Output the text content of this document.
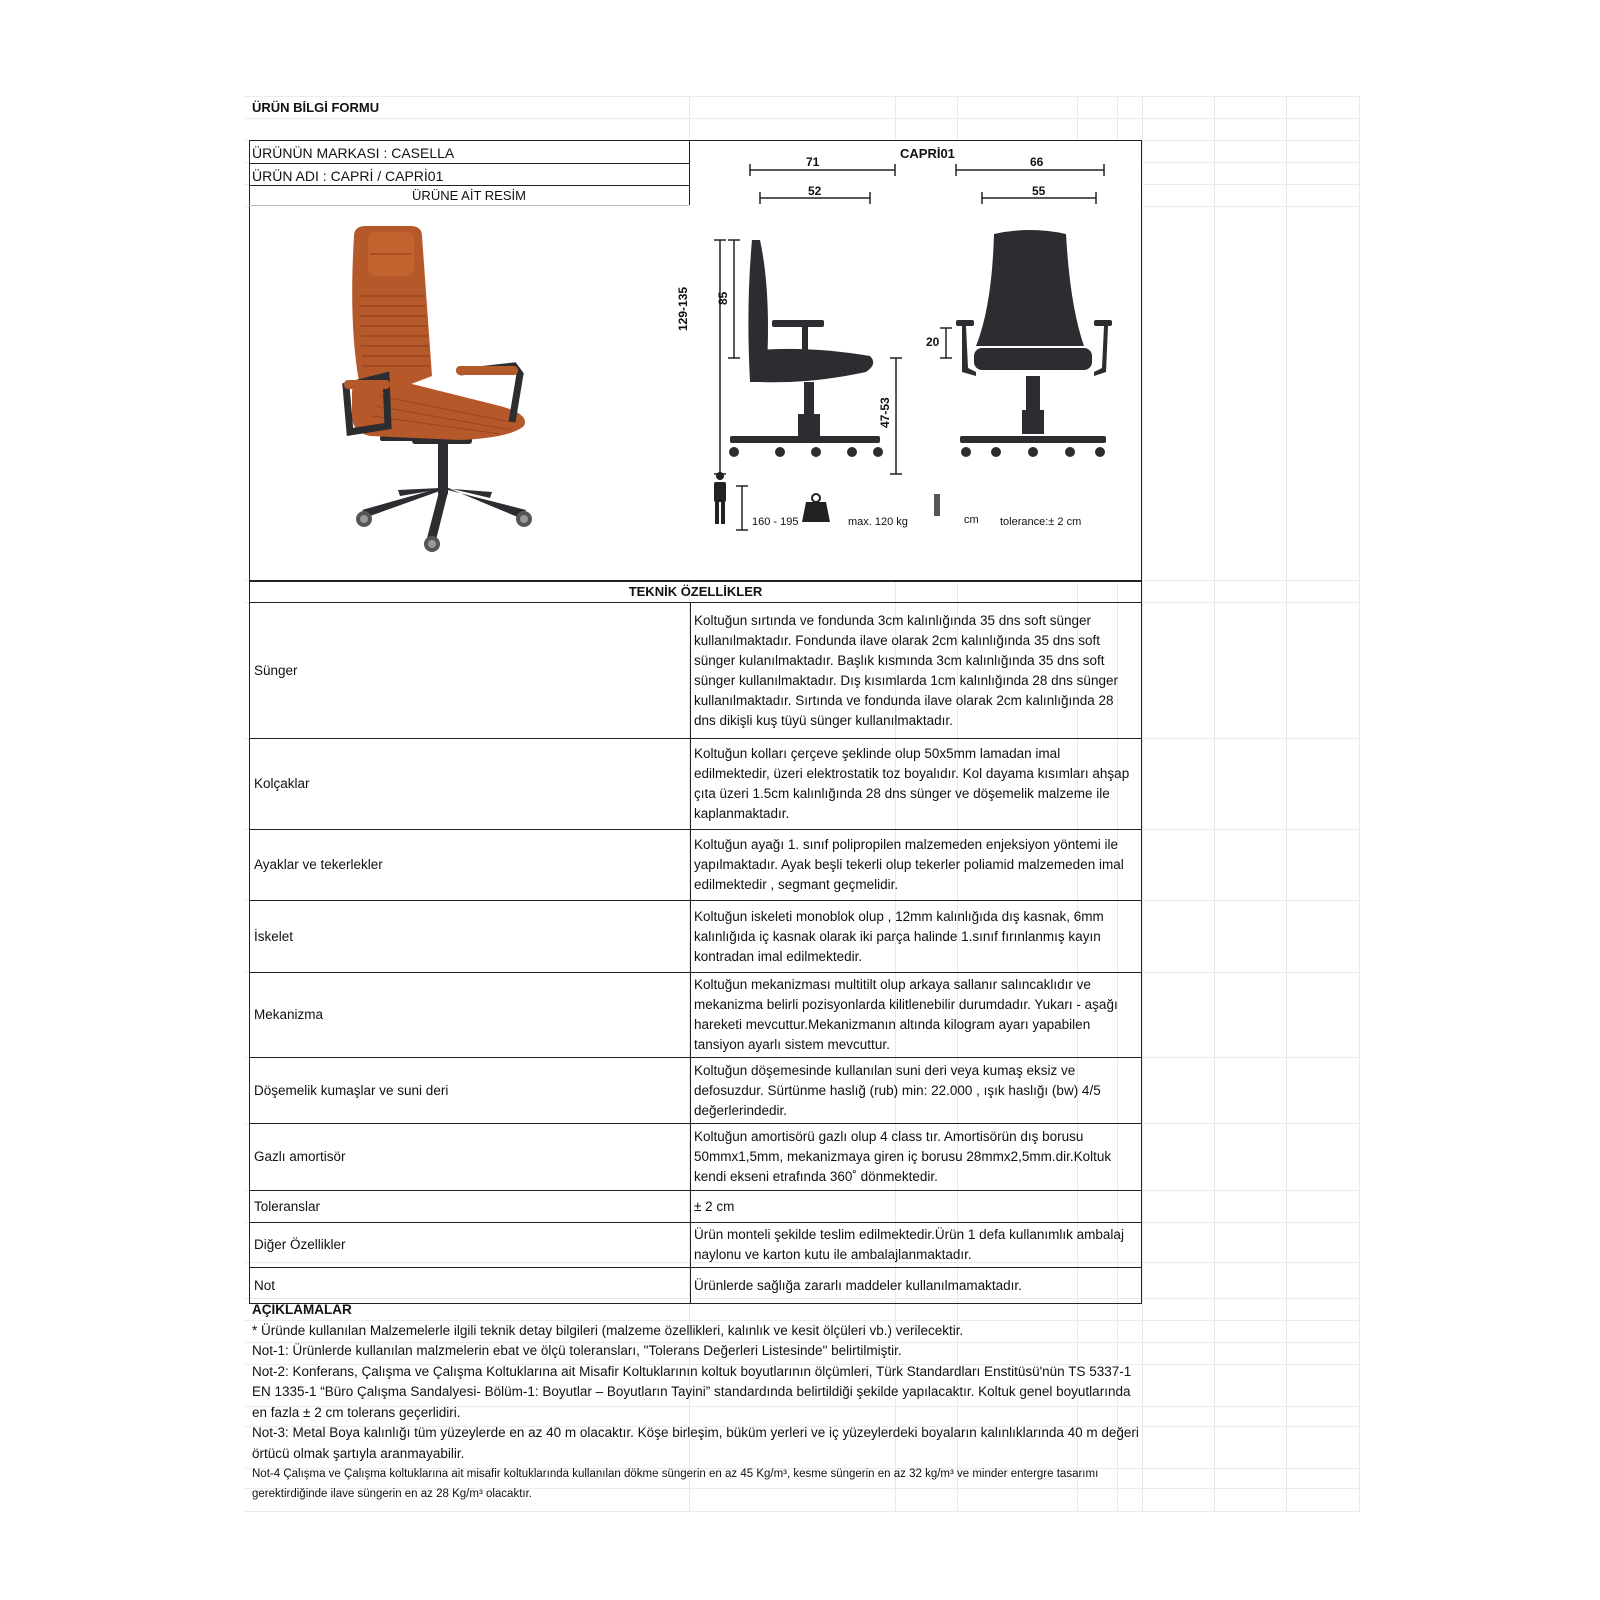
ÜRÜN BİLGİ FORMU
ÜRÜNÜN MARKASI : CASELLA
ÜRÜN ADI : CAPRİ / CAPRİ01
ÜRÜNE AİT RESİM
CAPRİ01
71
52
66
55
129-135 85
47-53
20
160 - 195	kg max. 120 kg	cm tolerance:± 2 cm
TEKNİK ÖZELLİKLER
Sünger	Koltuğun sırtında ve fondunda 3cm kalınlığında 35 dns soft sünger kullanılmaktadır. Fondunda ilave olarak 2cm kalınlığında 35 dns soft sünger kulanılmaktadır. Başlık kısmında 3cm kalınlığında 35 dns soft sünger kullanılmaktadır. Dış kısımlarda 1cm kalınlığında 28 dns sünger kullanılmaktadır. Sırtında ve fondunda ilave olarak 2cm kalınlığında 28 dns dikişli kuş tüyü sünger kullanılmaktadır.
Kolçaklar	Koltuğun kolları çerçeve şeklinde olup 50x5mm lamadan imal edilmektedir, üzeri elektrostatik toz boyalıdır. Kol dayama kısımları ahşap çıta üzeri 1.5cm kalınlığında 28 dns sünger ve döşemelik malzeme ile kaplanmaktadır.
Ayaklar ve tekerlekler	Koltuğun ayağı 1. sınıf polipropilen malzemeden enjeksiyon yöntemi ile yapılmaktadır. Ayak beşli tekerli olup tekerler poliamid malzemeden imal edilmektedir , segmant geçmelidir.
İskelet	Koltuğun iskeleti monoblok olup , 12mm kalınlığıda dış kasnak, 6mm kalınlığıda iç kasnak olarak iki parça halinde 1.sınıf fırınlanmış kayın kontradan imal edilmektedir.
Mekanizma	Koltuğun mekanizması multitilt olup arkaya sallanır salıncaklıdır ve mekanizma belirli pozisyonlarda kilitlenebilir durumdadır. Yukarı - aşağı hareketi mevcuttur.Mekanizmanın altında kilogram ayarı yapabilen tansiyon ayarlı sistem mevcuttur.
Döşemelik kumaşlar ve suni deri	Koltuğun döşemesinde kullanılan suni deri veya kumaş eksiz ve defosuzdur. Sürtünme haslığ (rub) min: 22.000 , ışık haslığı (bw) 4/5 değerlerindedir.
Gazlı amortisör	Koltuğun amortisörü gazlı olup 4 class tır. Amortisörün dış borusu 50mmx1,5mm, mekanizmaya giren iç borusu 28mmx2,5mm.dir.Koltuk kendi ekseni etrafında 360˚ dönmektedir.
Toleranslar	± 2 cm
Diğer Özellikler	Ürün monteli şekilde teslim edilmektedir.Ürün 1 defa kullanımlık ambalaj naylonu ve karton kutu ile ambalajlanmaktadır.
Not	Ürünlerde sağlığa zararlı maddeler kullanılmamaktadır.
AÇIKLAMALAR
* Üründe kullanılan Malzemelerle ilgili teknik detay bilgileri (malzeme özellikleri, kalınlık ve kesit ölçüleri vb.) verilecektir.
Not-1: Ürünlerde kullanılan malzmelerin ebat ve ölçü toleransları, "Tolerans Değerleri Listesinde" belirtilmiştir.
Not-2: Konferans, Çalışma ve Çalışma Koltuklarına ait Misafir Koltuklarının koltuk boyutlarının ölçümleri, Türk Standardları Enstitüsü'nün TS 5337-1 EN 1335-1 “Büro Çalışma Sandalyesi- Bölüm-1: Boyutlar – Boyutların Tayini” standardında belirtildiği şekilde yapılacaktır. Koltuk genel boyutlarında en fazla ± 2 cm tolerans geçerlidiri.
Not-3: Metal Boya kalınlığı tüm yüzeylerde en az 40 m olacaktır. Köşe birleşim, büküm yerleri ve iç yüzeylerdeki boyaların kalınlıklarında 40 m değeri örtücü olmak şartıyla aranmayabilir.
Not-4 Çalışma ve Çalışma koltuklarına ait misafir koltuklarında kullanılan dökme süngerin en az 45 Kg/m³, kesme süngerin en az 32 kg/m³ ve minder entergre tasarımı gerektirdiğinde ilave süngerin en az 28 Kg/m³ olacaktır.
